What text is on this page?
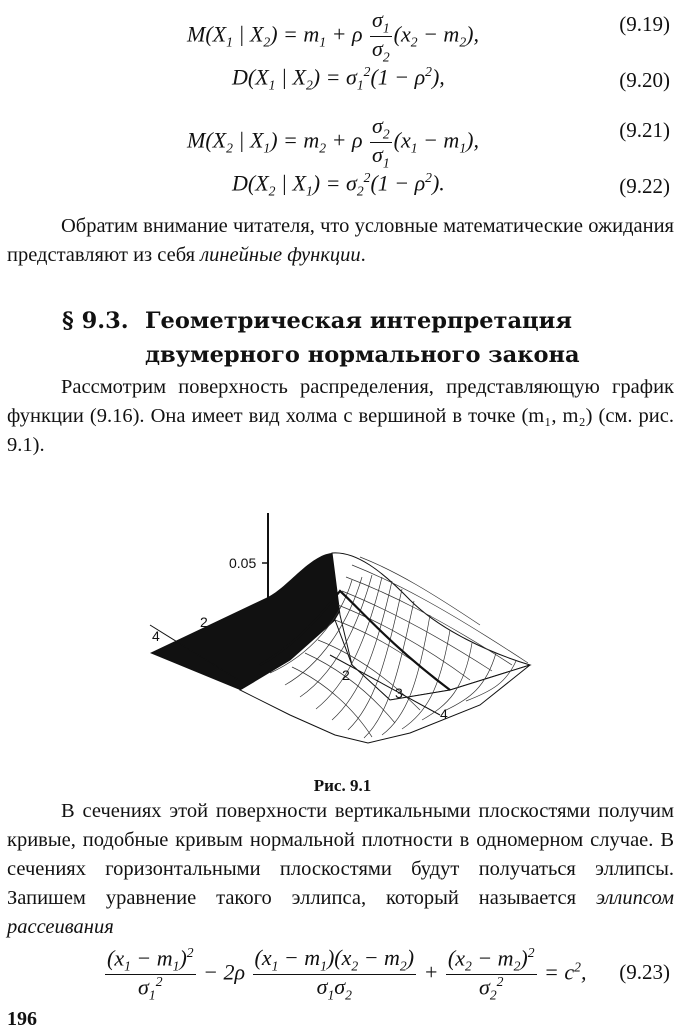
$M(X_1$ | $X_2) = m_1 + \rho \frac{\sigma_1}{\sigma_2} (x_2 - m_2)$,	(9.19)
$D(X_1$ | $X_2) = \sigma_1^2(1 - \rho^2)$,	(9.20)
$M(X_2$ | $X_1) = m_2 + \rho \frac{\sigma_2}{\sigma_1} (x_1 - m_1)$,	(9.21)
$D(X_2$ | $X_1) = \sigma_2^2(1 - \rho^2)$.	(9.22)
Обратим внимание читателя, что условные математические ожидания представляют из себя линейные функции.
§ 9.3. Геометрическая интерпретация
двумерного нормального закона
Рассмотрим поверхность распределения, представляющую график функции (9.16). Она имеет вид холма с вершиной в точке (m₁, m₂) (см. рис. 9.1).
0.05
4
2
2
3
4
Рис. 9.1
В сечениях этой поверхности вертикальными плоскостями получим кривые, подобные кривым нормальной плотности в одномерном случае. В сечениях горизонтальными плоскостями будут получаться эллипсы. Запишем уравнение такого эллипса, который называется эллипсом рассеивания
$\frac{(x_1 - m_1)^2}{\sigma_1^2} - 2\rho \frac{(x_1 - m_1)(x_2 - m_2)}{\sigma_1\sigma_2} + \frac{(x_2 - m_2)^2}{\sigma_2^2} = c^2$, (9.23)
196
